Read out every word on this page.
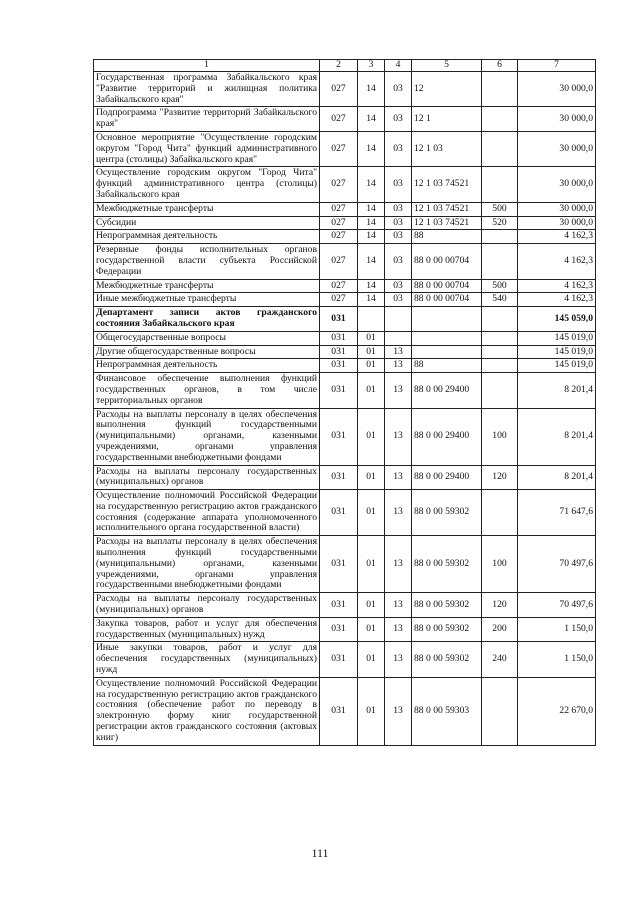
1	2	3	4	5	6	7
Государственная программа Забайкальского края "Развитие территорий и жилищная политика Забайкальского края"	027	14	03	12		30 000,0
Подпрограмма "Развитие территорий Забайкальского края"	027	14	03	12 1		30 000,0
Основное мероприятие "Осуществление городским округом "Город Чита" функций административного центра (столицы) Забайкальского края"	027	14	03	12 1 03		30 000,0
Осуществление городским округом "Город Чита" функций административного центра (столицы) Забайкальского края	027	14	03	12 1 03 74521		30 000,0
Межбюджетные трансферты	027	14	03	12 1 03 74521	500	30 000,0
Субсидии	027	14	03	12 1 03 74521	520	30 000,0
Непрограммная деятельность	027	14	03	88		4 162,3
Резервные фонды исполнительных органов государственной власти субъекта Российской Федерации	027	14	03	88 0 00 00704		4 162,3
Межбюджетные трансферты	027	14	03	88 0 00 00704	500	4 162,3
Иные межбюджетные трансферты	027	14	03	88 0 00 00704	540	4 162,3
Департамент записи актов гражданского состояния Забайкальского края	031					145 059,0
Общегосударственные вопросы	031	01				145 019,0
Другие общегосударственные вопросы	031	01	13			145 019,0
Непрограммная деятельность	031	01	13	88		145 019,0
Финансовое обеспечение выполнения функций государственных органов, в том числе территориальных органов	031	01	13	88 0 00 29400		8 201,4
Расходы на выплаты персоналу в целях обеспечения выполнения функций государственными (муниципальными) органами, казенными учреждениями, органами управления государственными внебюджетными фондами	031	01	13	88 0 00 29400	100	8 201,4
Расходы на выплаты персоналу государственных (муниципальных) органов	031	01	13	88 0 00 29400	120	8 201,4
Осуществление полномочий Российской Федерации на государственную регистрацию актов гражданского состояния (содержание аппарата уполномоченного исполнительного органа государственной власти)	031	01	13	88 0 00 59302		71 647,6
Расходы на выплаты персоналу в целях обеспечения выполнения функций государственными (муниципальными) органами, казенными учреждениями, органами управления государственными внебюджетными фондами	031	01	13	88 0 00 59302	100	70 497,6
Расходы на выплаты персоналу государственных (муниципальных) органов	031	01	13	88 0 00 59302	120	70 497,6
Закупка товаров, работ и услуг для обеспечения государственных (муниципальных) нужд	031	01	13	88 0 00 59302	200	1 150,0
Иные закупки товаров, работ и услуг для обеспечения государственных (муниципальных) нужд	031	01	13	88 0 00 59302	240	1 150,0
Осуществление полномочий Российской Федерации на государственную регистрацию актов гражданского состояния (обеспечение работ по переводу в электронную форму книг государственной регистрации актов гражданского состояния (актовых книг)	031	01	13	88 0 00 59303		22 670,0
111
